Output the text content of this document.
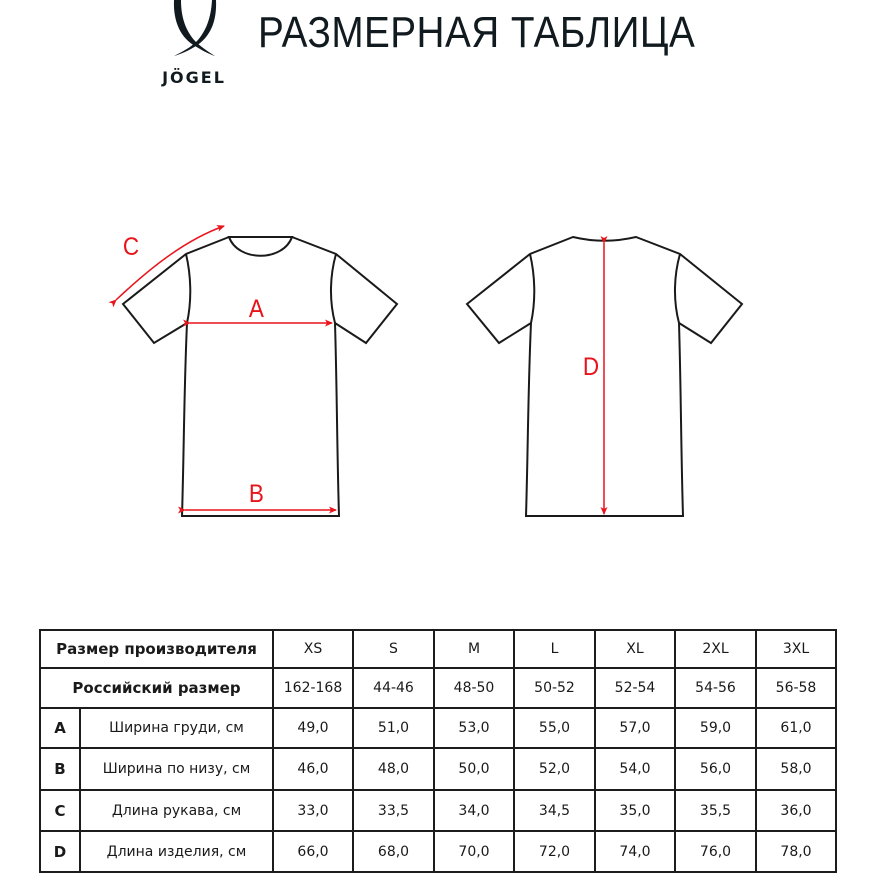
JÖGEL
РАЗМЕРНАЯ ТАБЛИЦА
A
B
C
D
Размер производителя		XS	S	M	L	XL	2XL	3XL
Российский размер		162-168	44-46	48-50	50-52	52-54	54-56	56-58
A	Ширина груди, см	49,0	51,0	53,0	55,0	57,0	59,0	61,0
B	Ширина по низу, см	46,0	48,0	50,0	52,0	54,0	56,0	58,0
C	Длина рукава, см	33,0	33,5	34,0	34,5	35,0	35,5	36,0
D	Длина изделия, см	66,0	68,0	70,0	72,0	74,0	76,0	78,0
